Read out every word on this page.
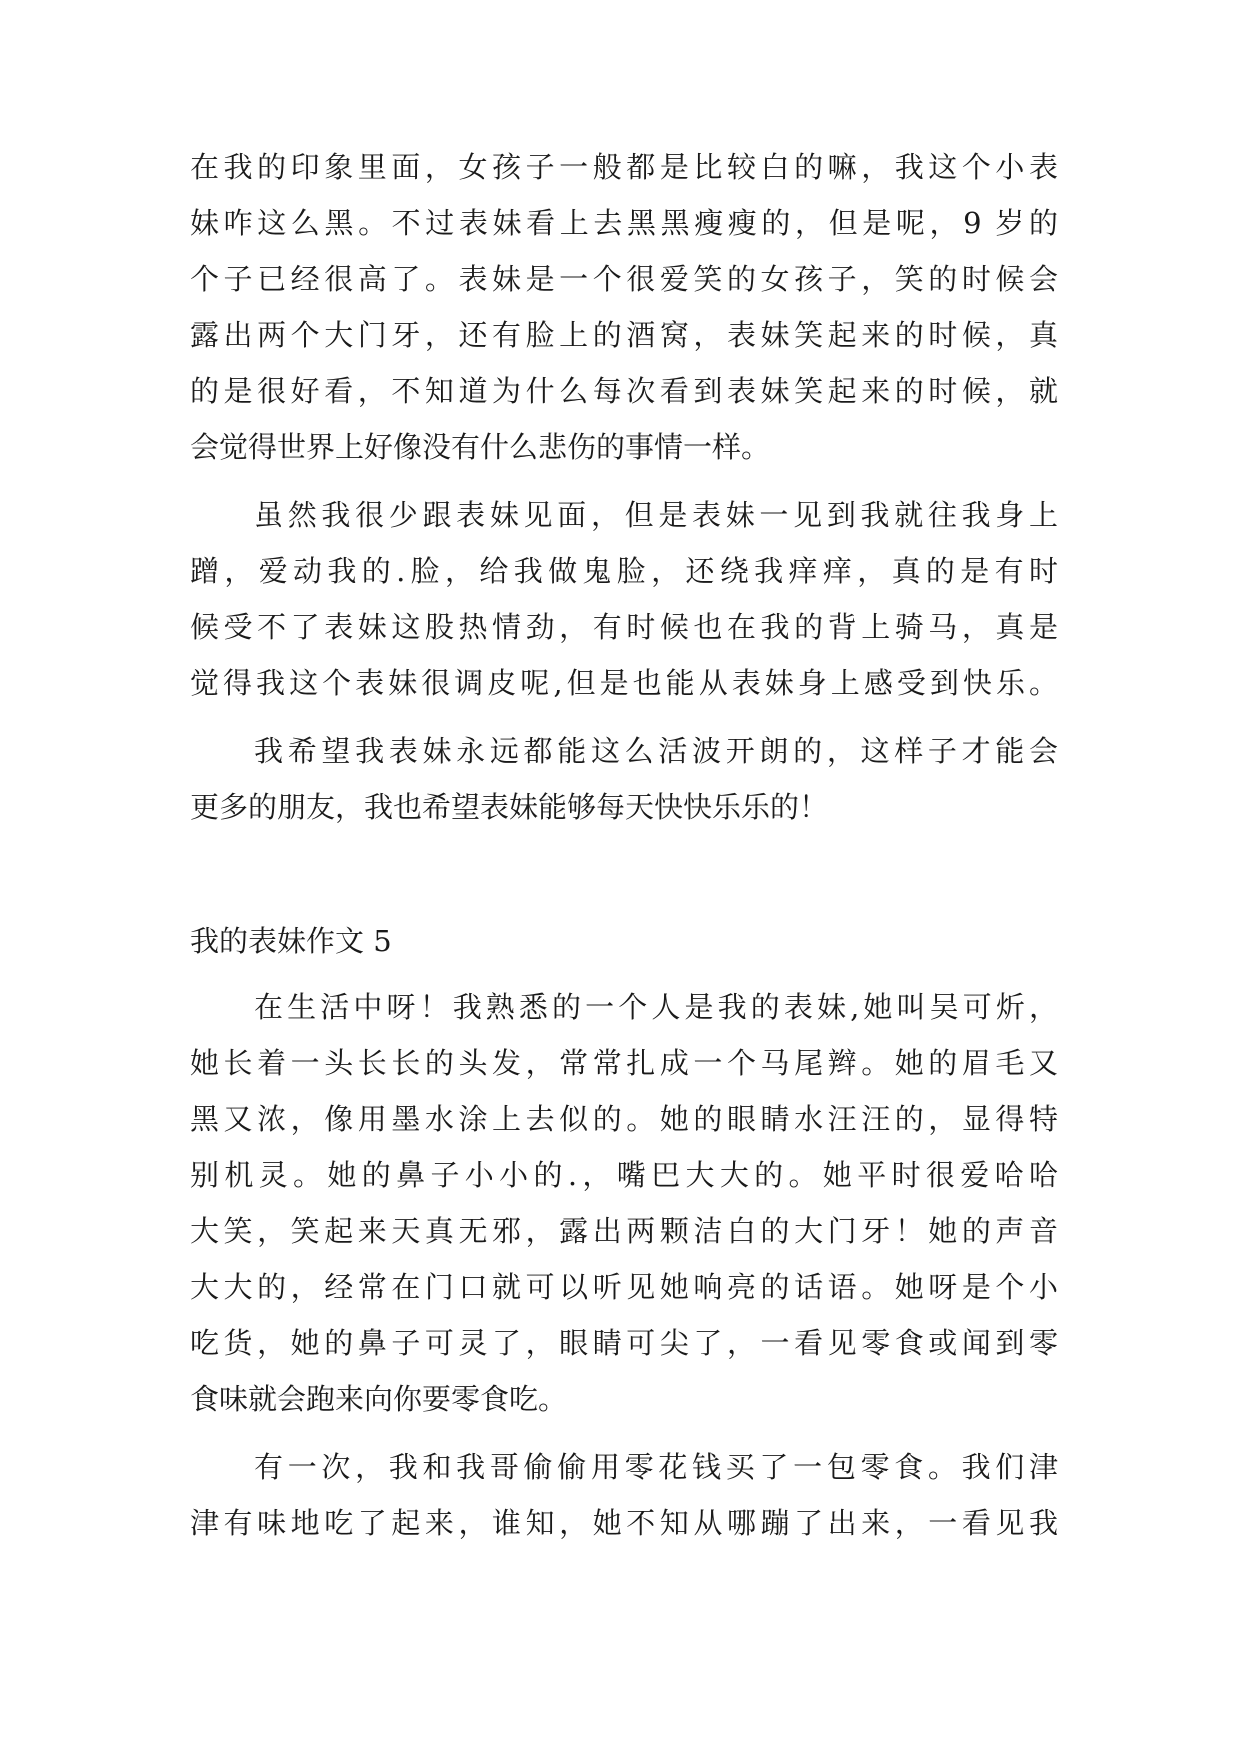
在我的印象里面，女孩子一般都是比较白的嘛，我这个小表
妹咋这么黑。不过表妹看上去黑黑瘦瘦的，但是呢，9 岁的
个子已经很高了。表妹是一个很爱笑的女孩子，笑的时候会
露出两个大门牙，还有脸上的酒窝，表妹笑起来的时候，真
的是很好看，不知道为什么每次看到表妹笑起来的时候，就
会觉得世界上好像没有什么悲伤的事情一样。
虽然我很少跟表妹见面，但是表妹一见到我就往我身上
蹭，爱动我的.脸，给我做鬼脸，还绕我痒痒，真的是有时
候受不了表妹这股热情劲，有时候也在我的背上骑马，真是
觉得我这个表妹很调皮呢,但是也能从表妹身上感受到快乐。
我希望我表妹永远都能这么活波开朗的，这样子才能会
更多的朋友，我也希望表妹能够每天快快乐乐的！
我的表妹作文 5
在生活中呀！我熟悉的一个人是我的表妹,她叫吴可炘，
她长着一头长长的头发，常常扎成一个马尾辫。她的眉毛又
黑又浓，像用墨水涂上去似的。她的眼睛水汪汪的，显得特
别机灵。她的鼻子小小的.，嘴巴大大的。她平时很爱哈哈
大笑，笑起来天真无邪，露出两颗洁白的大门牙！她的声音
大大的，经常在门口就可以听见她响亮的话语。她呀是个小
吃货，她的鼻子可灵了，眼睛可尖了，一看见零食或闻到零
食味就会跑来向你要零食吃。
有一次，我和我哥偷偷用零花钱买了一包零食。我们津
津有味地吃了起来，谁知，她不知从哪蹦了出来，一看见我
